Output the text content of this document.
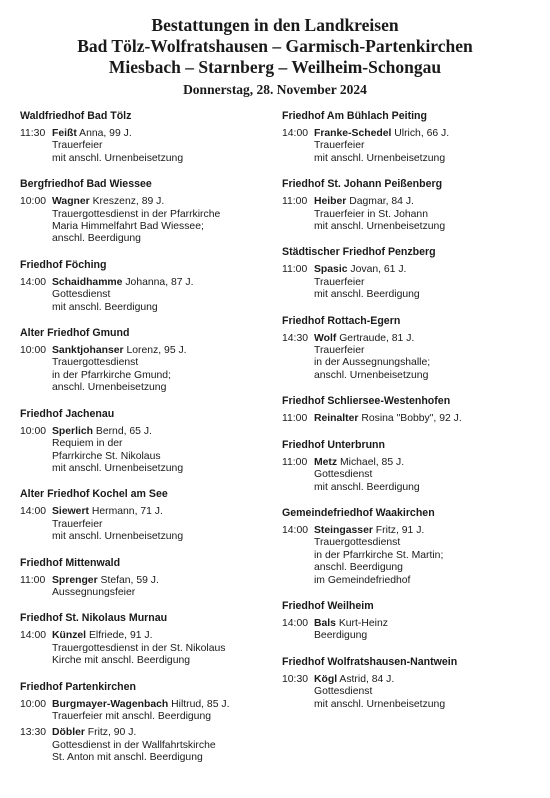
Bestattungen in den Landkreisen
Bad Tölz-Wolfratshausen – Garmisch-Partenkirchen
Miesbach – Starnberg – Weilheim-Schongau
Donnerstag, 28. November 2024
Waldfriedhof Bad Tölz
11:30 Feißt Anna, 99 J.
Trauerfeier
mit anschl. Urnenbeisetzung
Bergfriedhof Bad Wiessee
10:00 Wagner Kreszenz, 89 J.
Trauergottesdienst in der Pfarrkirche
Maria Himmelfahrt Bad Wiessee;
anschl. Beerdigung
Friedhof Föching
14:00 Schaidhamme Johanna, 87 J.
Gottesdienst
mit anschl. Beerdigung
Alter Friedhof Gmund
10:00 Sanktjohanser Lorenz, 95 J.
Trauergottesdienst
in der Pfarrkirche Gmund;
anschl. Urnenbeisetzung
Friedhof Jachenau
10:00 Sperlich Bernd, 65 J.
Requiem in der
Pfarrkirche St. Nikolaus
mit anschl. Urnenbeisetzung
Alter Friedhof Kochel am See
14:00 Siewert Hermann, 71 J.
Trauerfeier
mit anschl. Urnenbeisetzung
Friedhof Mittenwald
11:00 Sprenger Stefan, 59 J.
Aussegnungsfeier
Friedhof St. Nikolaus Murnau
14:00 Künzel Elfriede, 91 J.
Trauergottesdienst in der St. Nikolaus
Kirche mit anschl. Beerdigung
Friedhof Partenkirchen
10:00 Burgmayer-Wagenbach Hiltrud, 85 J.
Trauerfeier mit anschl. Beerdigung
13:30 Döbler Fritz, 90 J.
Gottesdienst in der Wallfahrtskirche
St. Anton mit anschl. Beerdigung
Friedhof Am Bühlach Peiting
14:00 Franke-Schedel Ulrich, 66 J.
Trauerfeier
mit anschl. Urnenbeisetzung
Friedhof St. Johann Peißenberg
11:00 Heiber Dagmar, 84 J.
Trauerfeier in St. Johann
mit anschl. Urnenbeisetzung
Städtischer Friedhof Penzberg
11:00 Spasic Jovan, 61 J.
Trauerfeier
mit anschl. Beerdigung
Friedhof Rottach-Egern
14:30 Wolf Gertraude, 81 J.
Trauerfeier
in der Aussegnungshalle;
anschl. Urnenbeisetzung
Friedhof Schliersee-Westenhofen
11:00 Reinalter Rosina "Bobby", 92 J.
Friedhof Unterbrunn
11:00 Metz Michael, 85 J.
Gottesdienst
mit anschl. Beerdigung
Gemeindefriedhof Waakirchen
14:00 Steingasser Fritz, 91 J.
Trauergottesdienst
in der Pfarrkirche St. Martin;
anschl. Beerdigung
im Gemeindefriedhof
Friedhof Weilheim
14:00 Bals Kurt-Heinz
Beerdigung
Friedhof Wolfratshausen-Nantwein
10:30 Kögl Astrid, 84 J.
Gottesdienst
mit anschl. Urnenbeisetzung
